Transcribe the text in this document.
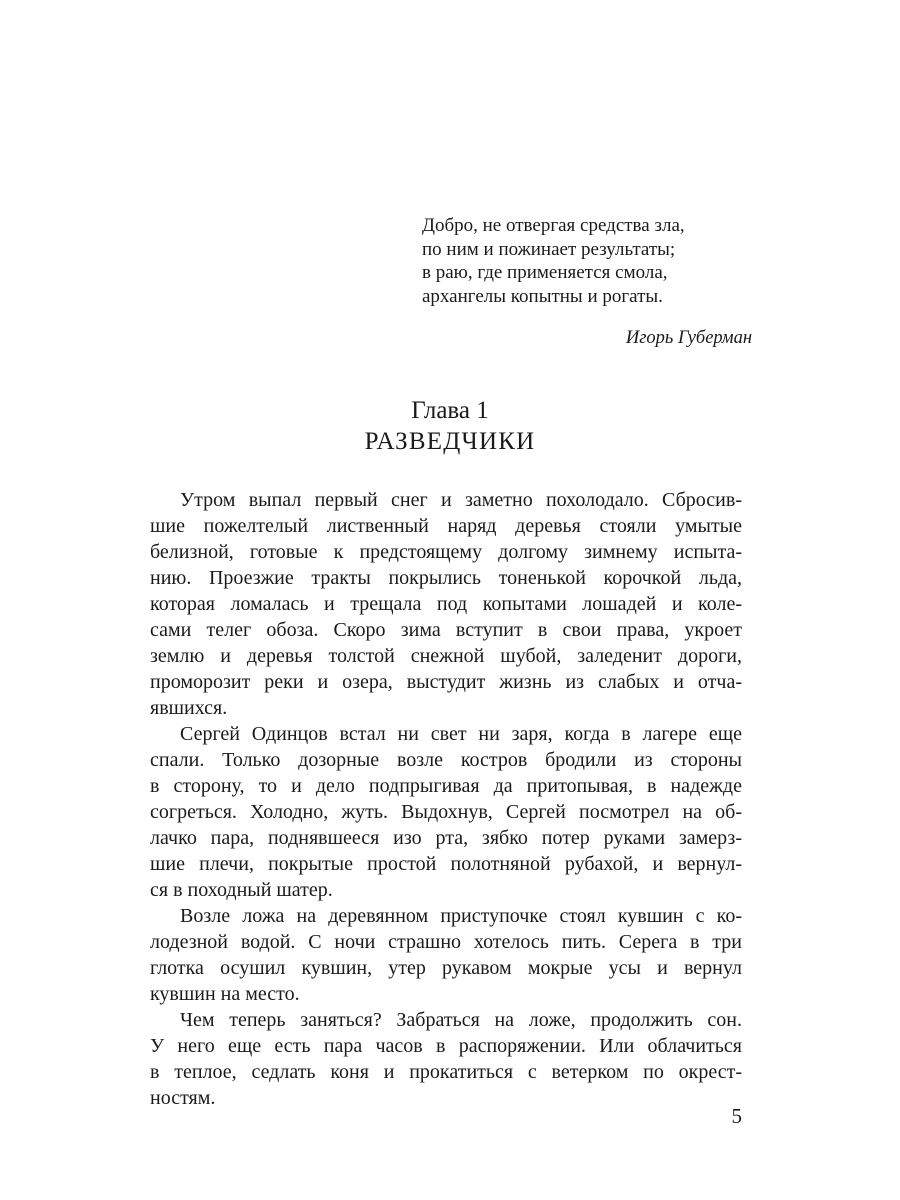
Добро, не отвергая средства зла,
по ним и пожинает результаты;
в раю, где применяется смола,
архангелы копытны и рогаты.
Игорь Губерман
Глава 1
РАЗВЕДЧИКИ
Утром выпал первый снег и заметно похолодало. Сбросив-
шие пожелтелый лиственный наряд деревья стояли умытые
белизной, готовые к предстоящему долгому зимнему испыта-
нию. Проезжие тракты покрылись тоненькой корочкой льда,
которая ломалась и трещала под копытами лошадей и коле-
сами телег обоза. Скоро зима вступит в свои права, укроет
землю и деревья толстой снежной шубой, заледенит дороги,
проморозит реки и озера, выстудит жизнь из слабых и отча-
явшихся.
Сергей Одинцов встал ни свет ни заря, когда в лагере еще
спали. Только дозорные возле костров бродили из стороны
в сторону, то и дело подпрыгивая да притопывая, в надежде
согреться. Холодно, жуть. Выдохнув, Сергей посмотрел на об-
лачко пара, поднявшееся изо рта, зябко потер руками замерз-
шие плечи, покрытые простой полотняной рубахой, и вернул-
ся в походный шатер.
Возле ложа на деревянном приступочке стоял кувшин с ко-
лодезной водой. С ночи страшно хотелось пить. Серега в три
глотка осушил кувшин, утер рукавом мокрые усы и вернул
кувшин на место.
Чем теперь заняться? Забраться на ложе, продолжить сон.
У него еще есть пара часов в распоряжении. Или облачиться
в теплое, седлать коня и прокатиться с ветерком по окрест-
ностям.
5
